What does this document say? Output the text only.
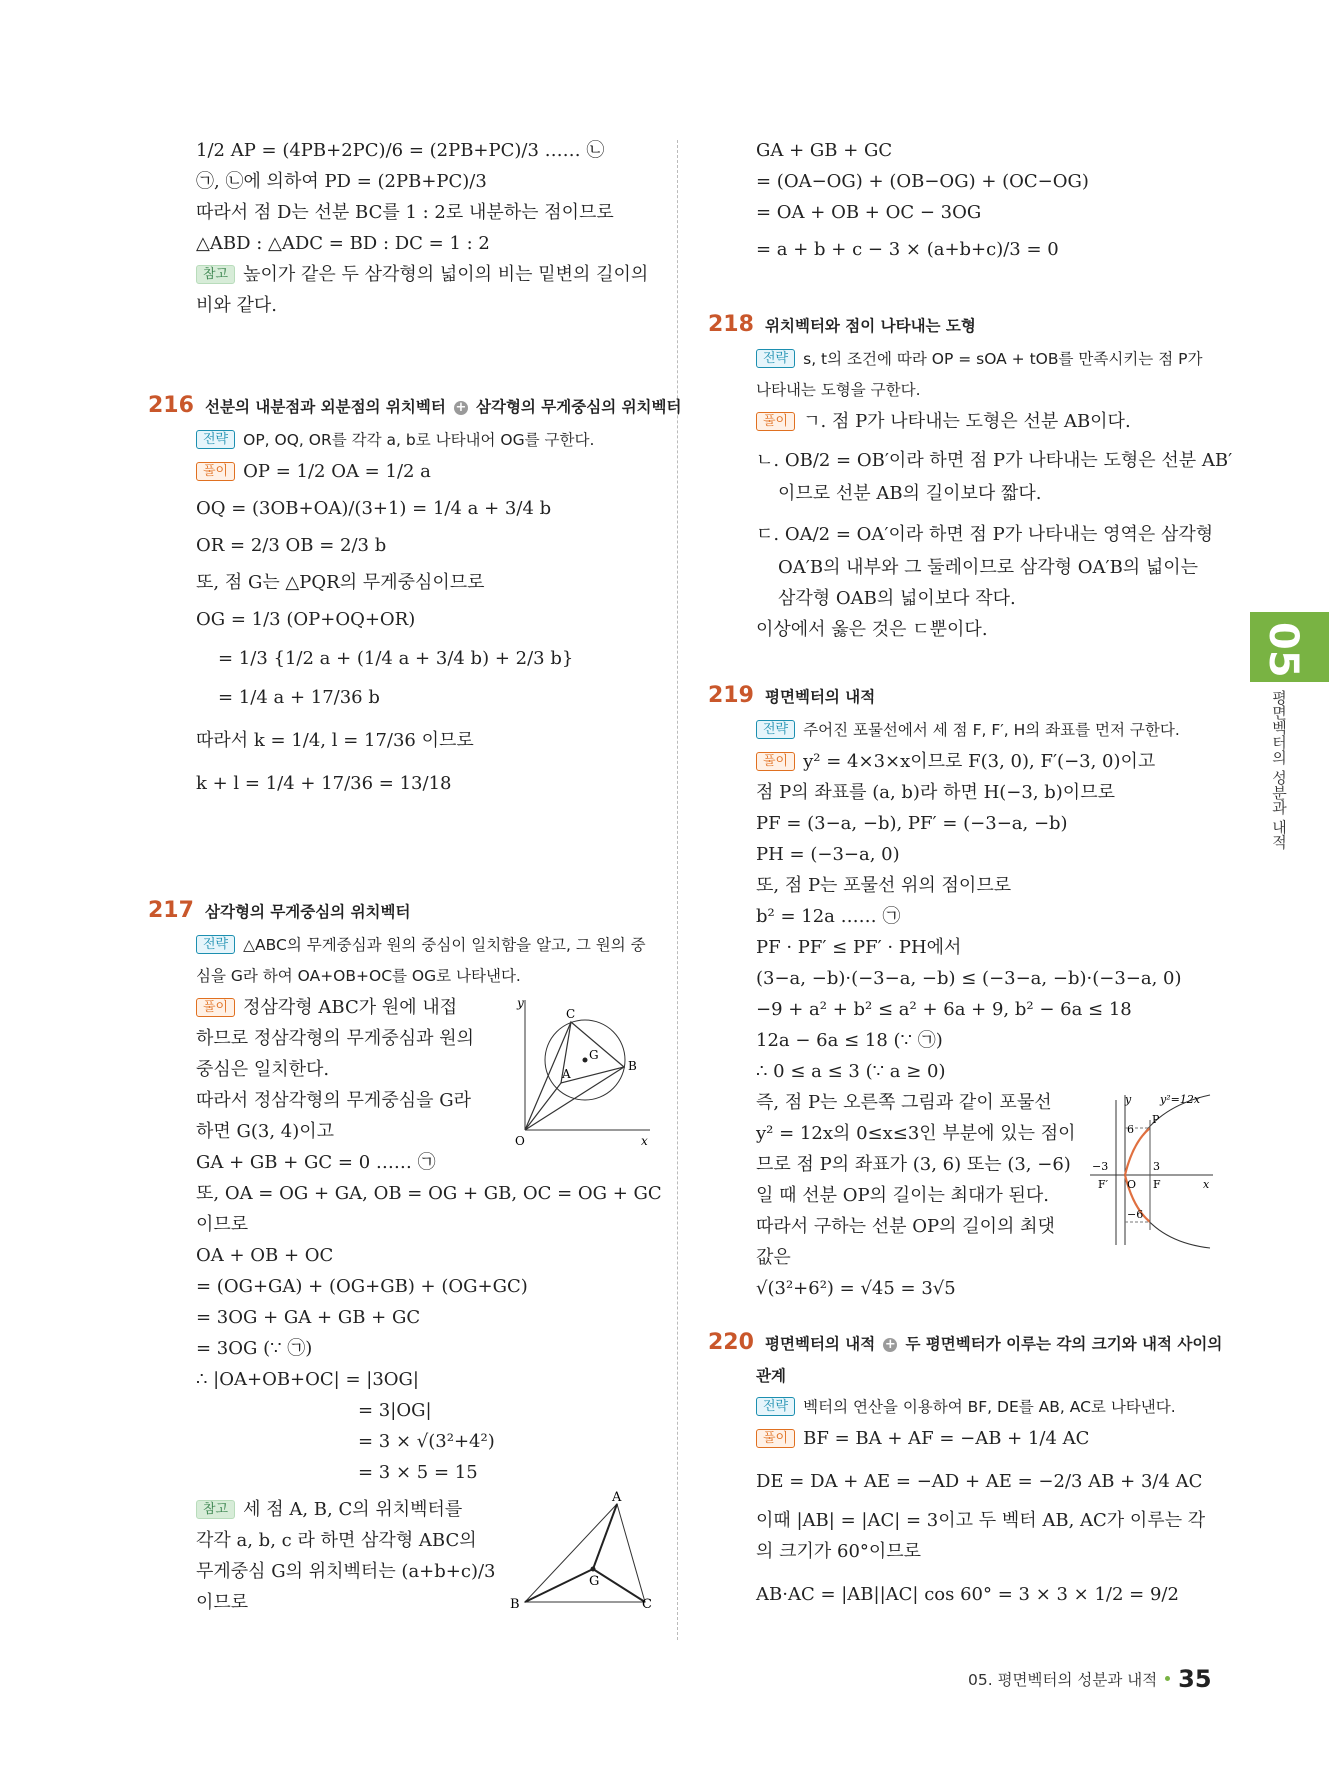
1/2 AP = (4PB+2PC)/6 = (2PB+PC)/3 …… ㉡
㉠, ㉡에 의하여 PD = (2PB+PC)/3
따라서 점 D는 선분 BC를 1 : 2로 내분하는 점이므로
△ABD : △ADC = BD : DC = 1 : 2
참고 높이가 같은 두 삼각형의 넓이의 비는 밑변의 길이의
비와 같다.
216 선분의 내분점과 외분점의 위치벡터 + 삼각형의 무게중심의 위치벡터
전략 OP, OQ, OR를 각각 a, b로 나타내어 OG를 구한다.
풀이 OP = 1/2 OA = 1/2 a
OQ = (3OB+OA)/(3+1) = 1/4 a + 3/4 b
OR = 2/3 OB = 2/3 b
또, 점 G는 △PQR의 무게중심이므로
OG = 1/3 (OP+OQ+OR)
= 1/3 {1/2 a + (1/4 a + 3/4 b) + 2/3 b}
= 1/4 a + 17/36 b
따라서 k = 1/4, l = 17/36 이므로
k + l = 1/4 + 17/36 = 13/18
217 삼각형의 무게중심의 위치벡터
전략 △ABC의 무게중심과 원의 중심이 일치함을 알고, 그 원의 중
심을 G라 하여 OA+OB+OC를 OG로 나타낸다.
풀이 정삼각형 ABC가 원에 내접
하므로 정삼각형의 무게중심과 원의
중심은 일치한다.
따라서 정삼각형의 무게중심을 G라
하면 G(3, 4)이고
GA + GB + GC = 0 …… ㉠
또, OA = OG + GA, OB = OG + GB, OC = OG + GC
이므로
OA + OB + OC
= (OG+GA) + (OG+GB) + (OG+GC)
= 3OG + GA + GB + GC
= 3OG (∵ ㉠)
∴ |OA+OB+OC| = |3OG|
= 3|OG|
= 3 × √(3²+4²)
= 3 × 5 = 15
참고 세 점 A, B, C의 위치벡터를
각각 a, b, c 라 하면 삼각형 ABC의
무게중심 G의 위치벡터는 (a+b+c)/3
이므로
y
C
G
B
A
O	x
A
G
B	C
GA + GB + GC
= (OA−OG) + (OB−OG) + (OC−OG)
= OA + OB + OC − 3OG
= a + b + c − 3 × (a+b+c)/3 = 0
218 위치벡터와 점이 나타내는 도형
전략 s, t의 조건에 따라 OP = sOA + tOB를 만족시키는 점 P가
나타내는 도형을 구한다.
풀이 ㄱ. 점 P가 나타내는 도형은 선분 AB이다.
ㄴ. OB/2 = OB′이라 하면 점 P가 나타내는 도형은 선분 AB′
이므로 선분 AB의 길이보다 짧다.
ㄷ. OA/2 = OA′이라 하면 점 P가 나타내는 영역은 삼각형
OA′B의 내부와 그 둘레이므로 삼각형 OA′B의 넓이는
삼각형 OAB의 넓이보다 작다.
이상에서 옳은 것은 ㄷ뿐이다.
219 평면벡터의 내적
전략 주어진 포물선에서 세 점 F, F′, H의 좌표를 먼저 구한다.
풀이 y² = 4×3×x이므로 F(3, 0), F′(−3, 0)이고
점 P의 좌표를 (a, b)라 하면 H(−3, b)이므로
PF = (3−a, −b), PF′ = (−3−a, −b)
PH = (−3−a, 0)
또, 점 P는 포물선 위의 점이므로
b² = 12a …… ㉠
PF · PF′ ≤ PF′ · PH에서
(3−a, −b)·(−3−a, −b) ≤ (−3−a, −b)·(−3−a, 0)
−9 + a² + b² ≤ a² + 6a + 9, b² − 6a ≤ 18
12a − 6a ≤ 18 (∵ ㉠)
∴ 0 ≤ a ≤ 3 (∵ a ≥ 0)
즉, 점 P는 오른쪽 그림과 같이 포물선
y² = 12x의 0≤x≤3인 부분에 있는 점이
므로 점 P의 좌표가 (3, 6) 또는 (3, −6)
일 때 선분 OP의 길이는 최대가 된다.
따라서 구하는 선분 OP의 길이의 최댓
값은
√(3²+6²) = √45 = 3√5
y	y²=12x
P
6
−3
O
3
x
F′	F
−6
220 평면벡터의 내적 + 두 평면벡터가 이루는 각의 크기와 내적 사이의
관계
전략 벡터의 연산을 이용하여 BF, DE를 AB, AC로 나타낸다.
풀이 BF = BA + AF = −AB + 1/4 AC
DE = DA + AE = −AD + AE = −2/3 AB + 3/4 AC
이때 |AB| = |AC| = 3이고 두 벡터 AB, AC가 이루는 각
의 크기가 60°이므로
AB·AC = |AB||AC| cos 60° = 3 × 3 × 1/2 = 9/2
05
평면벡터의 성분과 내적
05. 평면벡터의 성분과 내적 35
